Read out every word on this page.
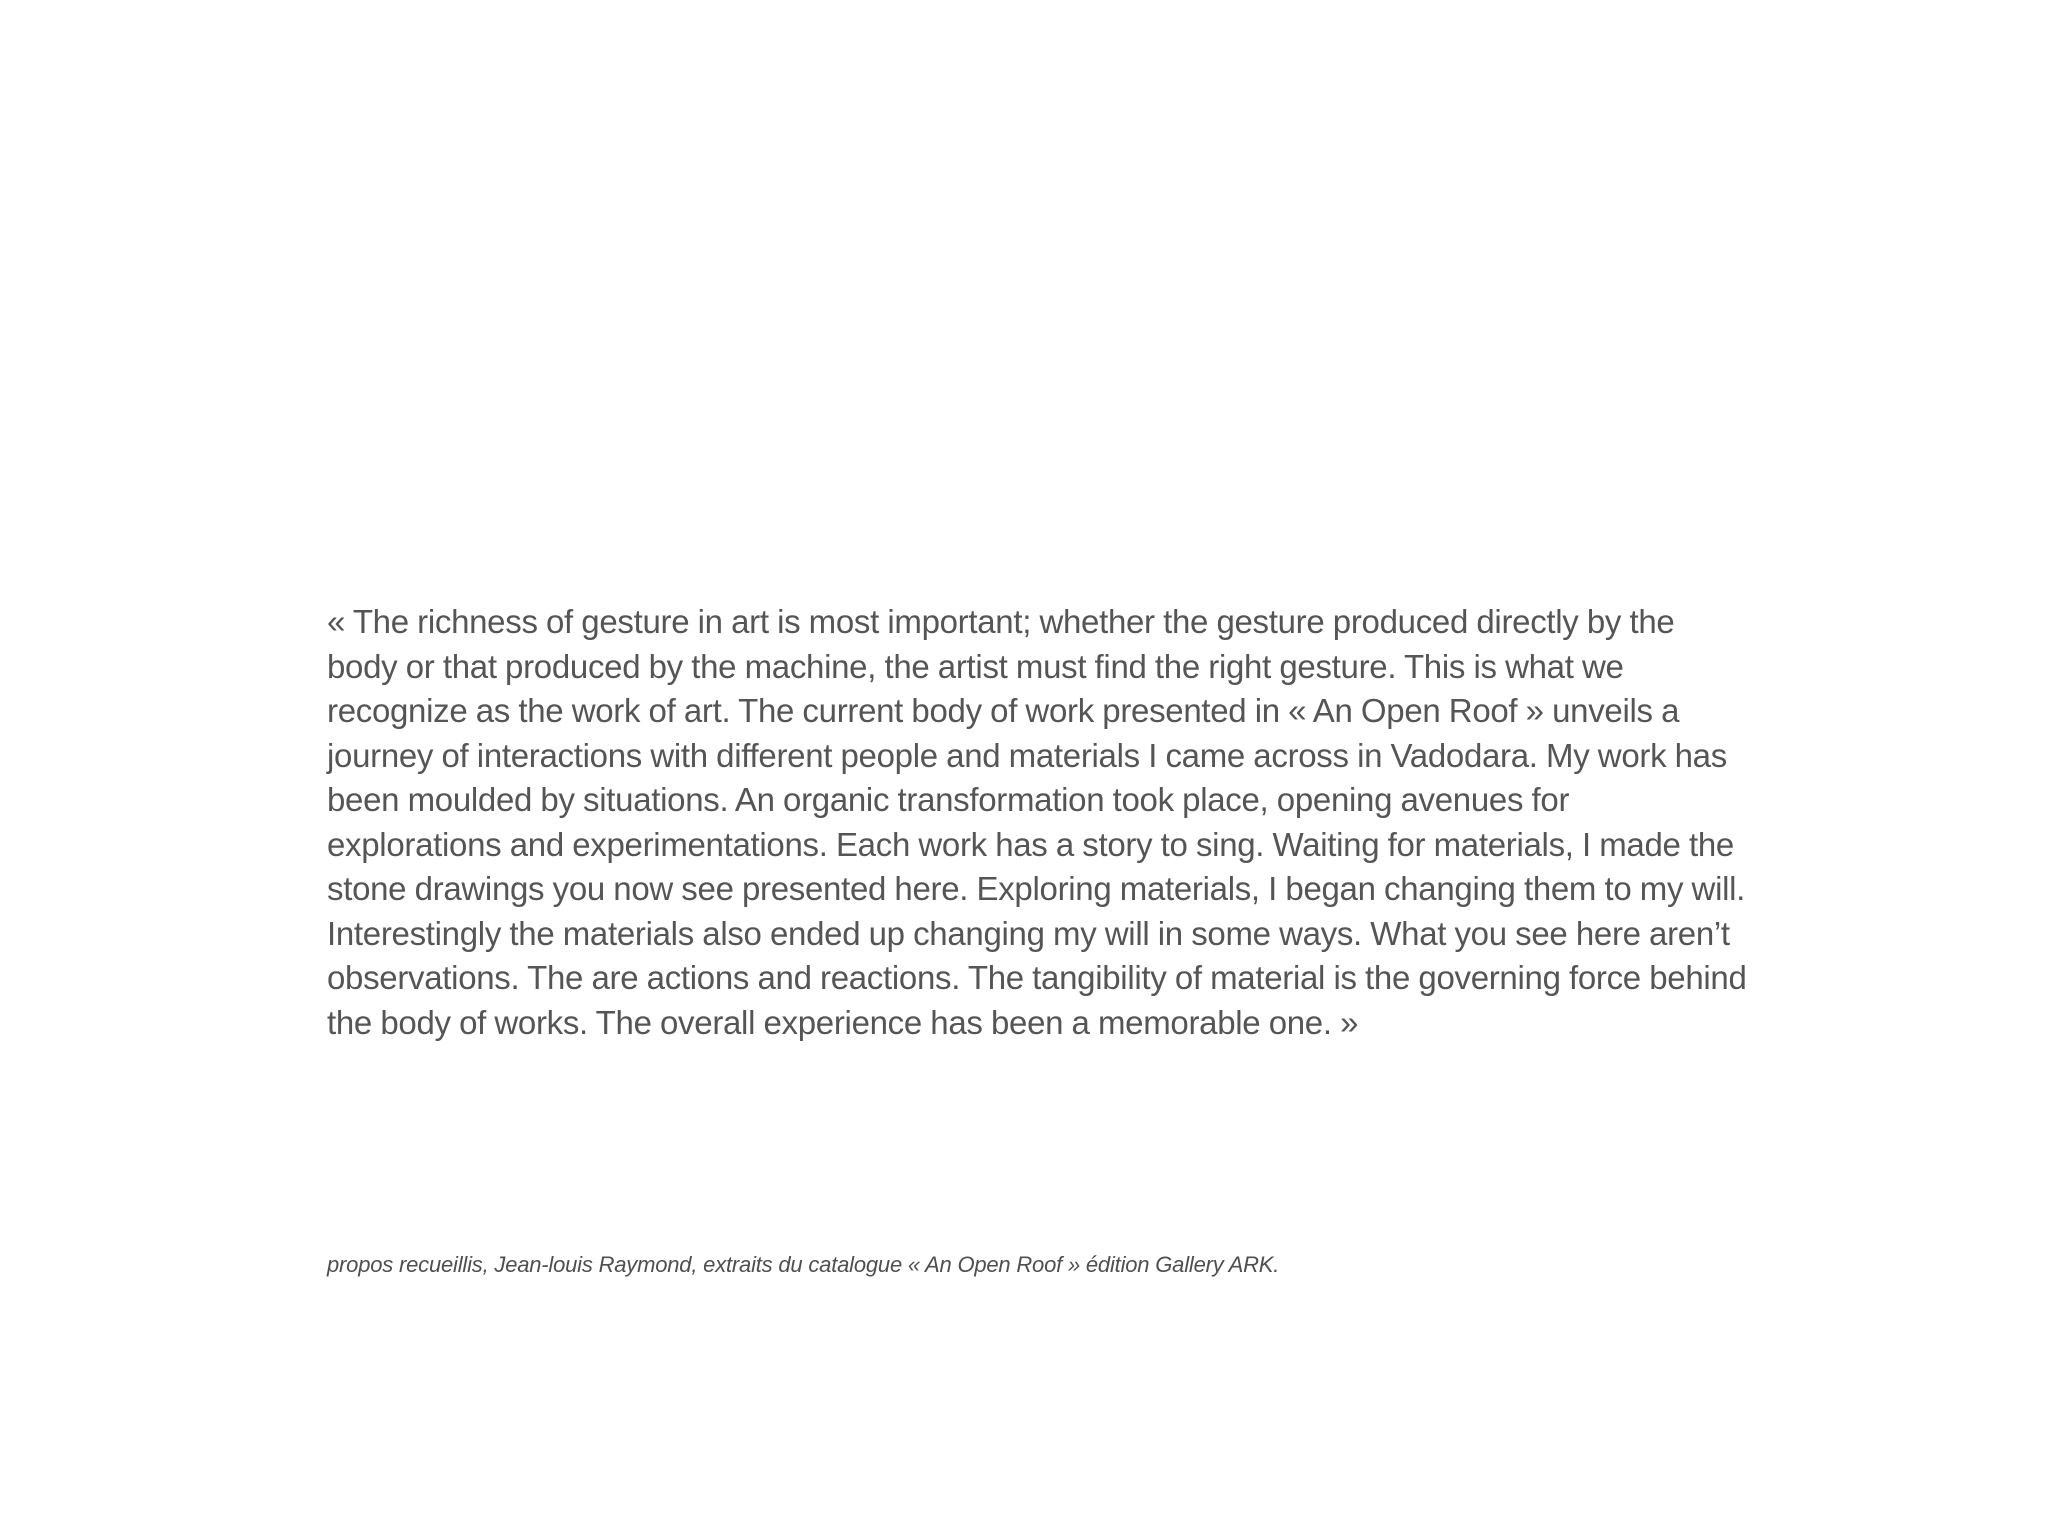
« The richness of gesture in art is most important; whether the gesture produced directly by the body or that produced by the machine, the artist must find the right gesture. This is what we recognize as the work of art. The current body of work presented in « An Open Roof » unveils a journey of interactions with different people and materials I came across in Vadodara. My work has been moulded by situations. An organic transformation took place, opening avenues for explorations and experimentations. Each work has a story to sing. Waiting for materials, I made the stone drawings you now see presented here. Exploring materials, I began changing them to my will. Interestingly the materials also ended up changing my will in some ways. What you see here aren’t observations. The are actions and reactions. The tangibility of material is the governing force behind the body of works. The overall experience has been a memorable one. »

propos recueillis, Jean-louis Raymond, extraits du catalogue « An Open Roof » édition Gallery ARK.
